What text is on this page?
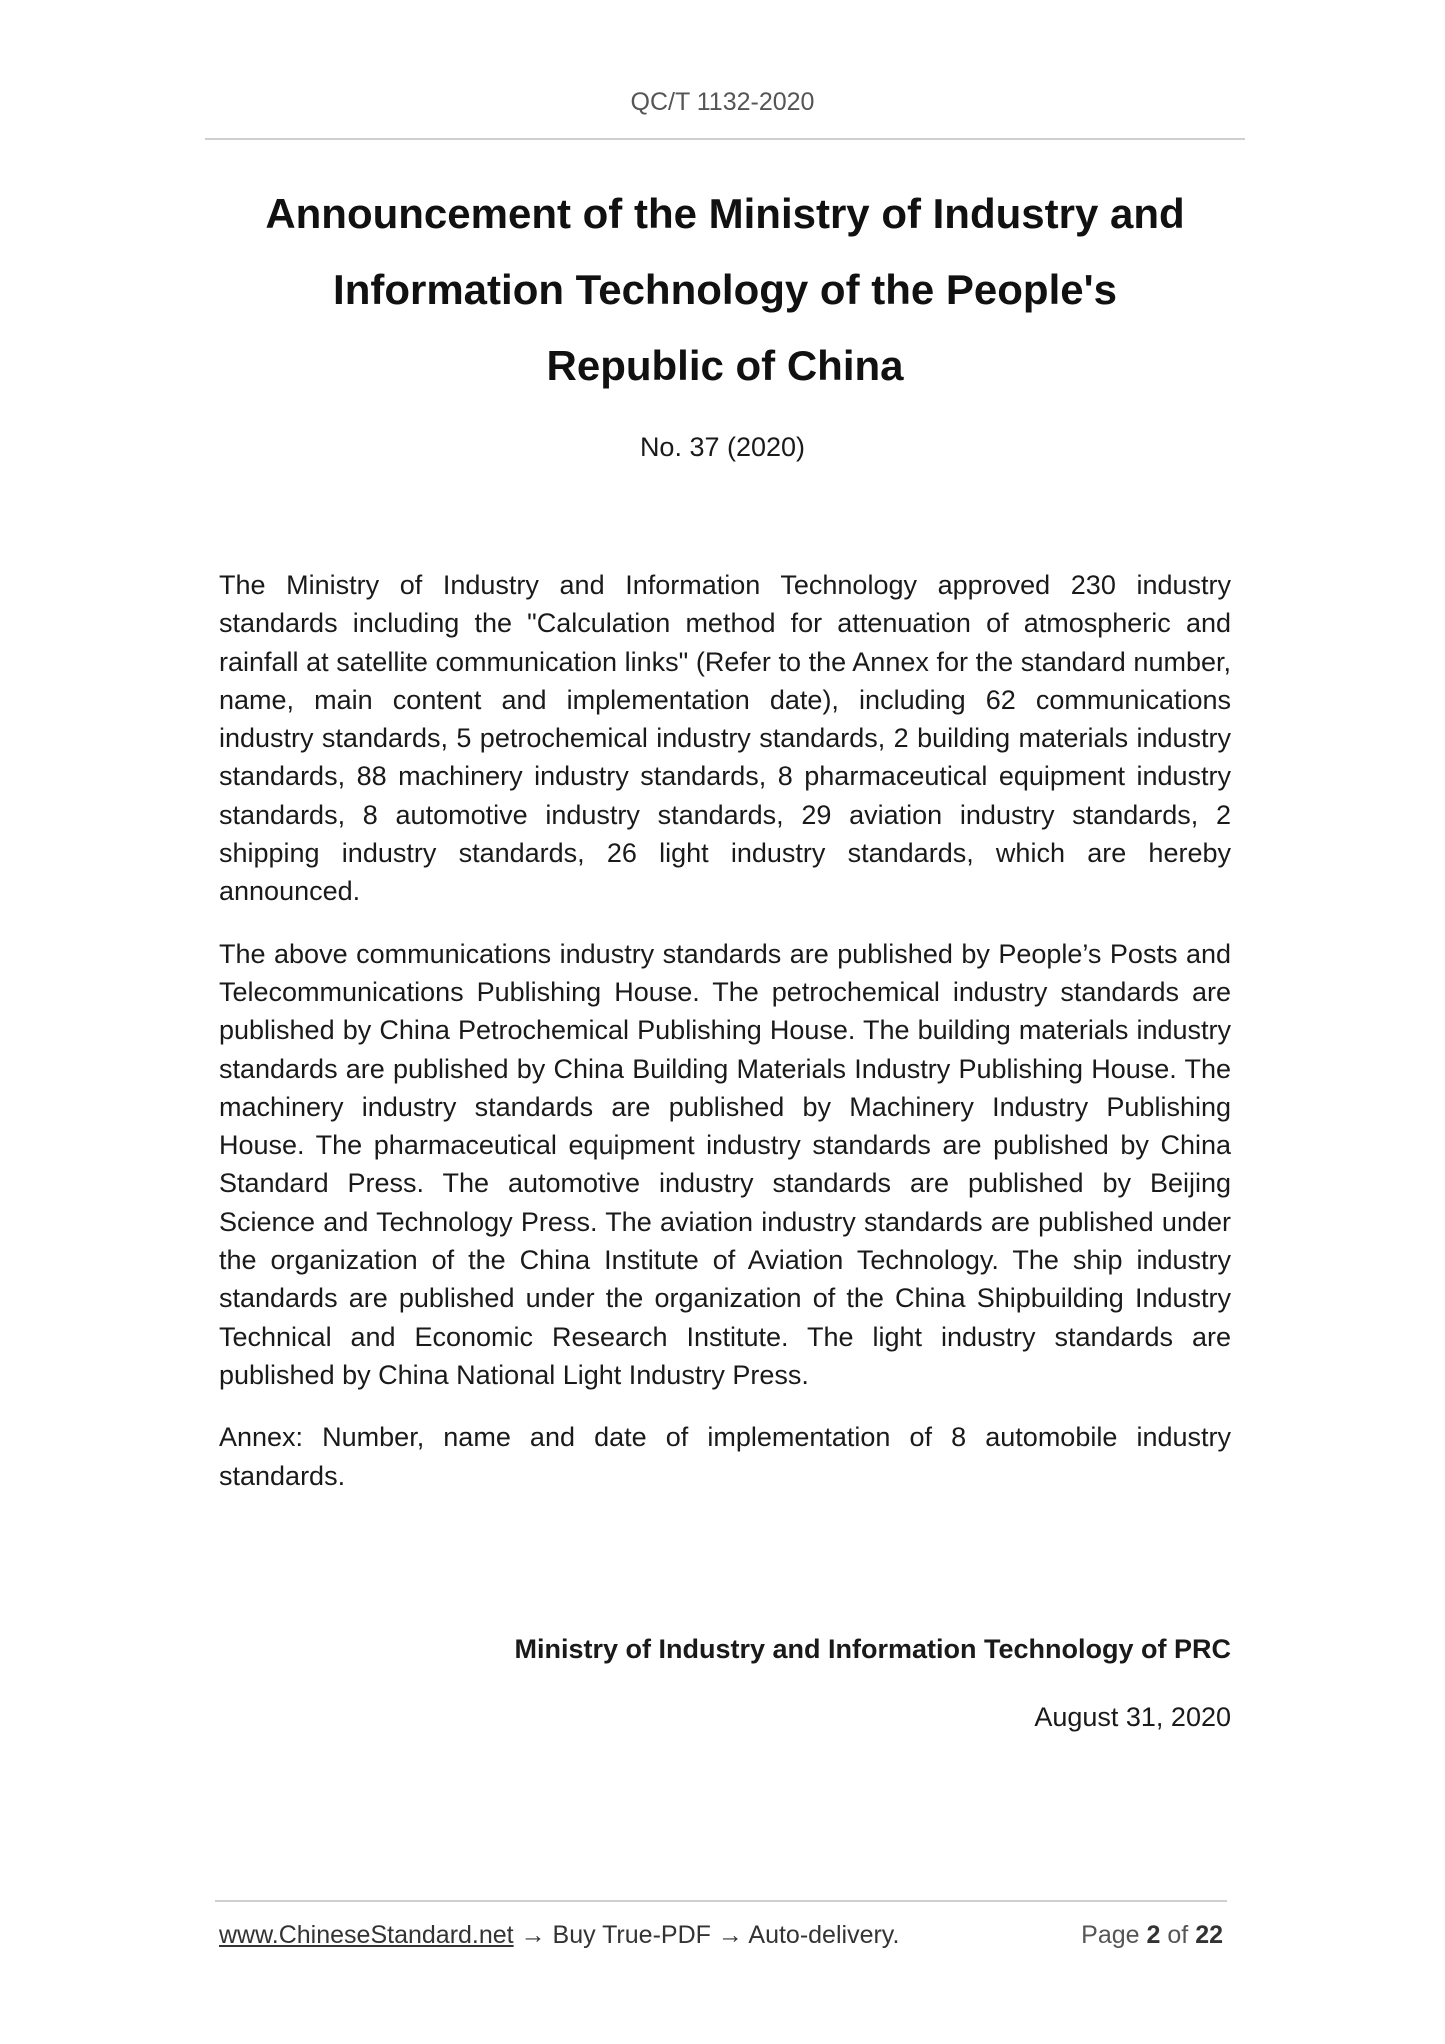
QC/T 1132-2020
Announcement of the Ministry of Industry and
Information Technology of the People's
Republic of China
No. 37 (2020)

The Ministry of Industry and Information Technology approved 230 industry standards including the "Calculation method for attenuation of atmospheric and rainfall at satellite communication links" (Refer to the Annex for the standard number, name, main content and implementation date), including 62 communications industry standards, 5 petrochemical industry standards, 2 building materials industry standards, 88 machinery industry standards, 8 pharmaceutical equipment industry standards, 8 automotive industry standards, 29 aviation industry standards, 2 shipping industry standards, 26 light industry standards, which are hereby announced.

The above communications industry standards are published by People’s Posts and Telecommunications Publishing House. The petrochemical industry standards are published by China Petrochemical Publishing House. The building materials industry standards are published by China Building Materials Industry Publishing House. The machinery industry standards are published by Machinery Industry Publishing House. The pharmaceutical equipment industry standards are published by China Standard Press. The automotive industry standards are published by Beijing Science and Technology Press. The aviation industry standards are published under the organization of the China Institute of Aviation Technology. The ship industry standards are published under the organization of the China Shipbuilding Industry Technical and Economic Research Institute. The light industry standards are published by China National Light Industry Press.

Annex: Number, name and date of implementation of 8 automobile industry standards.

Ministry of Industry and Information Technology of PRC
August 31, 2020
www.ChineseStandard.net → Buy True-PDF → Auto-delivery.	Page 2 of 22
